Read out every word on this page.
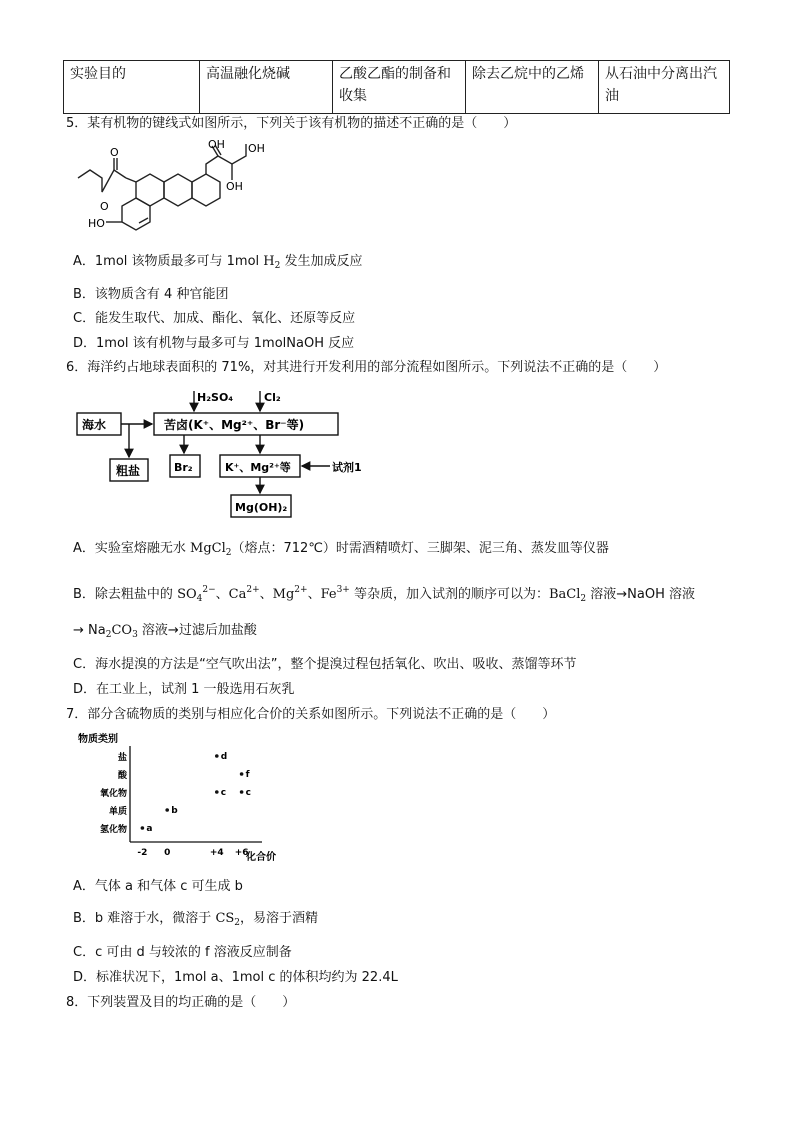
实验目的	高温融化烧碱	乙酸乙酯的制备和收集	除去乙烷中的乙烯	从石油中分离出汽油
5．某有机物的键线式如图所示，下列关于该有机物的描述不正确的是（　　）
O
O
OH OH
OH
HO
A．1mol 该物质最多可与 1mol $H_2$ 发生加成反应
B．该物质含有 4 种官能团
C．能发生取代、加成、酯化、氧化、还原等反应
D．1mol 该有机物与最多可与 1molNaOH 反应
6．海洋约占地球表面积的 71%，对其进行开发利用的部分流程如图所示。下列说法不正确的是（　　）
海水
H₂SO₄	Cl₂
苦卤(K⁺、Mg²⁺、Br⁻等)
粗盐	Br₂	K⁺、Mg²⁺等	试剂1
Mg(OH)₂
A．实验室熔融无水 MgCl$_2$（熔点：712℃）时需酒精喷灯、三脚架、泥三角、蒸发皿等仪器
B．除去粗盐中的 $SO_4^{2-}$、$Ca^{2+}$、$Mg^{2+}$、$Fe^{3+}$ 等杂质，加入试剂的顺序可以为：BaCl$_2$ 溶液→NaOH 溶液
→ $Na_2CO_3$ 溶液→过滤后加盐酸
C．海水提溴的方法是“空气吹出法”，整个提溴过程包括氧化、吹出、吸收、蒸馏等环节
D．在工业上，试剂 1 一般选用石灰乳
7．部分含硫物质的类别与相应化合价的关系如图所示。下列说法不正确的是（　　）
物质类别
化合价
氢化物
单质
氧化物
酸
盐
-2 0	+4 +6
a
b
c c
d
f
A．气体 a 和气体 c 可生成 b
B．b 难溶于水，微溶于 $CS_2$，易溶于酒精
C．c 可由 d 与较浓的 f 溶液反应制备
D．标准状况下，1mol a、1mol c 的体积均约为 22.4L
8．下列装置及目的均正确的是（　　）
